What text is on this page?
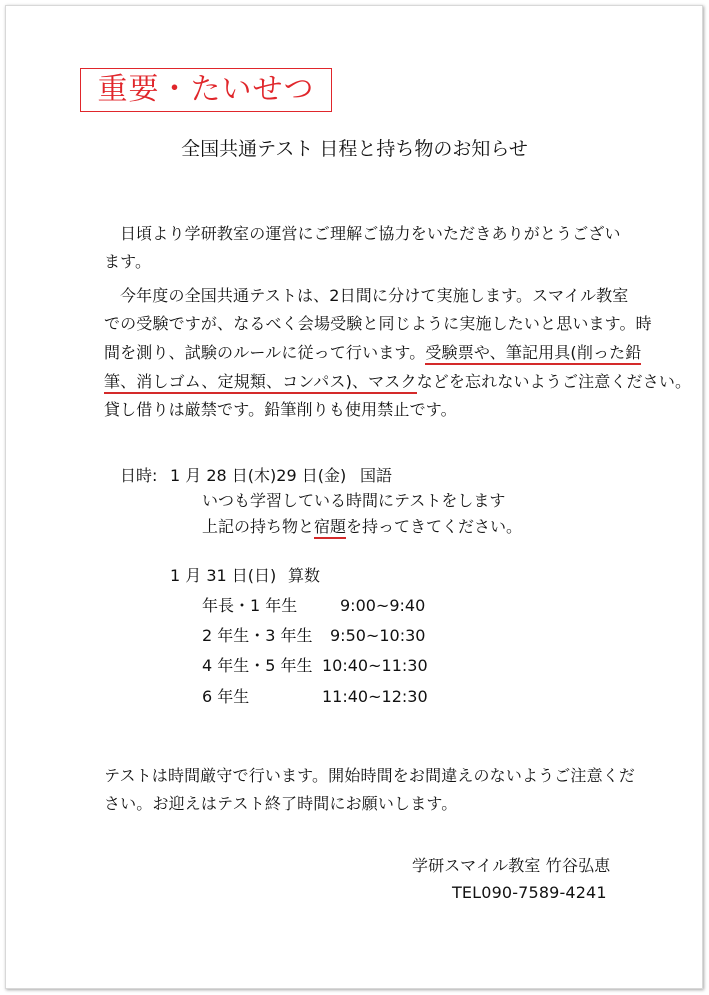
重要・たいせつ
全国共通テスト 日程と持ち物のお知らせ
日頃より学研教室の運営にご理解ご協力をいただきありがとうござい
ます。
今年度の全国共通テストは、2日間に分けて実施します。スマイル教室
での受験ですが、なるべく会場受験と同じように実施したいと思います。時
間を測り、試験のルールに従って行います。受験票や、筆記用具(削った鉛
筆、消しゴム、定規類、コンパス)、マスクなどを忘れないようご注意ください。
貸し借りは厳禁です。鉛筆削りも使用禁止です。
日時: 1 月 28 日(木)29 日(金) 国語
いつも学習している時間にテストをします
上記の持ち物と宿題を持ってきてください。
1 月 31 日(日) 算数
年長・1 年生	9:00~9:40
2 年生・3 年生 9:50~10:30
4 年生・5 年生 10:40~11:30
6 年生	11:40~12:30
テストは時間厳守で行います。開始時間をお間違えのないようご注意くだ
さい。お迎えはテスト終了時間にお願いします。
学研スマイル教室 竹谷弘恵
TEL090-7589-4241
